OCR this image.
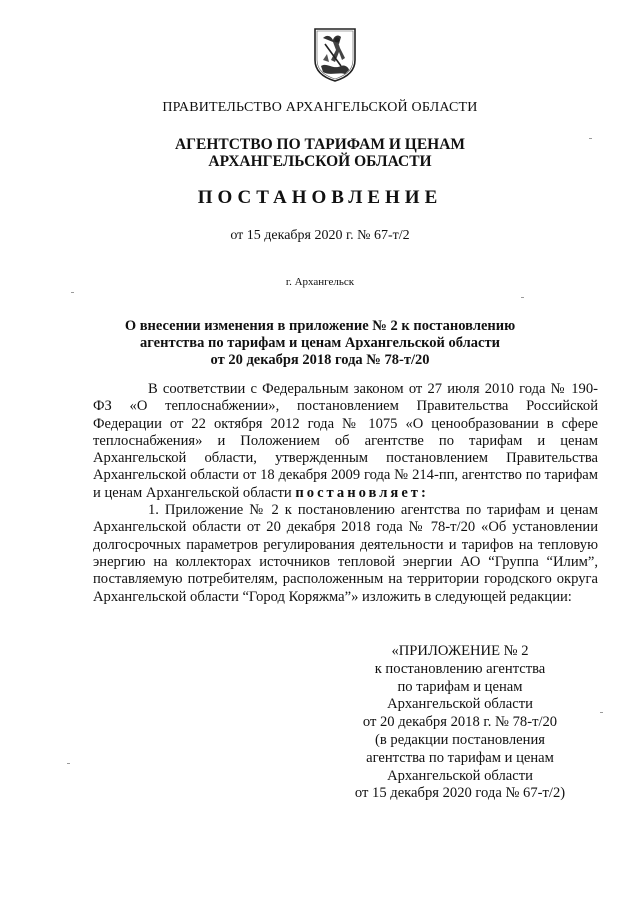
ПРАВИТЕЛЬСТВО АРХАНГЕЛЬСКОЙ ОБЛАСТИ
АГЕНТСТВО ПО ТАРИФАМ И ЦЕНАМ
АРХАНГЕЛЬСКОЙ ОБЛАСТИ
ПОСТАНОВЛЕНИЕ
от 15 декабря 2020 г. № 67-т/2
г. Архангельск
О внесении изменения в приложение № 2 к постановлению
агентства по тарифам и ценам Архангельской области
от 20 декабря 2018 года № 78-т/20

В соответствии с Федеральным законом от 27 июля 2010 года № 190-ФЗ «О теплоснабжении», постановлением Правительства Российской Федерации от 22 октября 2012 года № 1075 «О ценообразовании в сфере теплоснабжения» и Положением об агентстве по тарифам и ценам Архангельской области, утвержденным постановлением Правительства Архангельской области от 18 декабря 2009 года № 214-пп, агентство по тарифам и ценам Архангельской области постановляет:

1. Приложение № 2 к постановлению агентства по тарифам и ценам Архангельской области от 20 декабря 2018 года № 78-т/20 «Об установлении долгосрочных параметров регулирования деятельности и тарифов на тепловую энергию на коллекторах источников тепловой энергии АО “Группа “Илим”, поставляемую потребителям, расположенным на территории городского округа Архангельской области “Город Коряжма”» изложить в следующей редакции:

«ПРИЛОЖЕНИЕ № 2
к постановлению агентства
по тарифам и ценам
Архангельской области
от 20 декабря 2018 г. № 78-т/20
(в редакции постановления
агентства по тарифам и ценам
Архангельской области
от 15 декабря 2020 года № 67-т/2)
